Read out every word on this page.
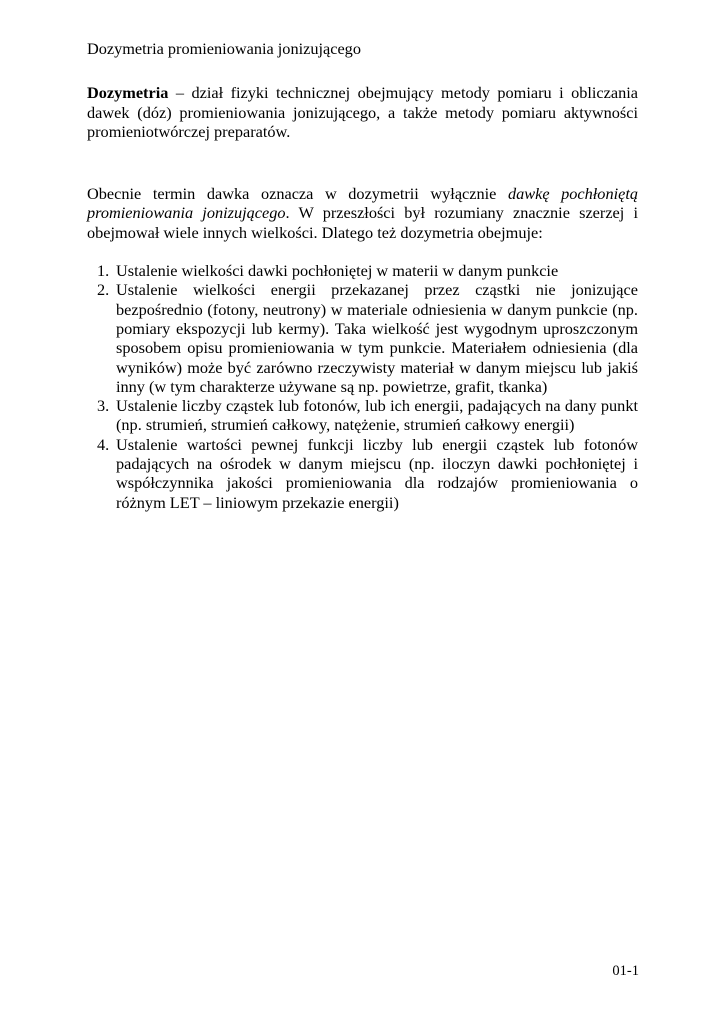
Dozymetria promieniowania jonizującego

Dozymetria – dział fizyki technicznej obejmujący metody pomiaru i obliczania dawek (dóz) promieniowania jonizującego, a także metody pomiaru aktywności promieniotwórczej preparatów.

Obecnie termin dawka oznacza w dozymetrii wyłącznie dawkę pochłoniętą promieniowania jonizującego. W przeszłości był rozumiany znacznie szerzej i obejmował wiele innych wielkości. Dlatego też dozymetria obejmuje:

1. Ustalenie wielkości dawki pochłoniętej w materii w danym punkcie
2. Ustalenie wielkości energii przekazanej przez cząstki nie jonizujące bezpośrednio (fotony, neutrony) w materiale odniesienia w danym punkcie (np. pomiary ekspozycji lub kermy). Taka wielkość jest wygodnym uproszczonym sposobem opisu promieniowania w tym punkcie. Materiałem odniesienia (dla wyników) może być zarówno rzeczywisty materiał w danym miejscu lub jakiś inny (w tym charakterze używane są np. powietrze, grafit, tkanka)
3. Ustalenie liczby cząstek lub fotonów, lub ich energii, padających na dany punkt (np. strumień, strumień całkowy, natężenie, strumień całkowy energii)
4. Ustalenie wartości pewnej funkcji liczby lub energii cząstek lub fotonów padających na ośrodek w danym miejscu (np. iloczyn dawki pochłoniętej i współczynnika jakości promieniowania dla rodzajów promieniowania o różnym LET – liniowym przekazie energii)
01-1
